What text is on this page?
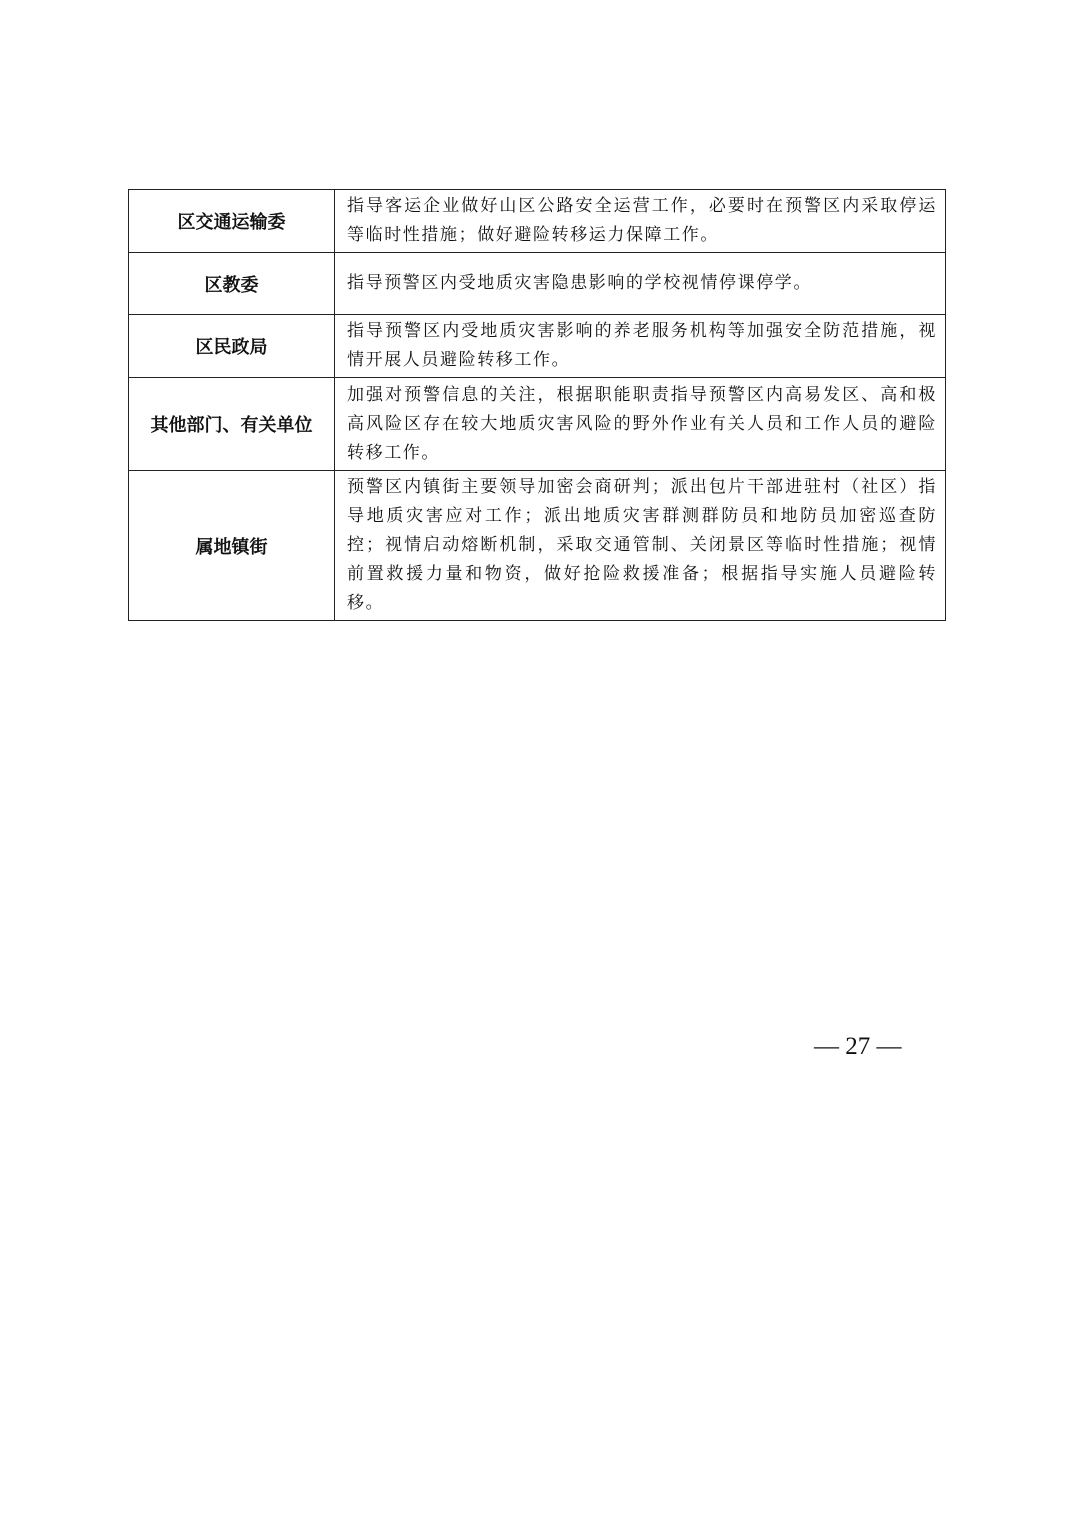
区交通运输委	指导客运企业做好山区公路安全运营工作，必要时在预警区内采取停运等临时性措施；做好避险转移运力保障工作。
区教委	指导预警区内受地质灾害隐患影响的学校视情停课停学。
区民政局	指导预警区内受地质灾害影响的养老服务机构等加强安全防范措施，视情开展人员避险转移工作。
其他部门、有关单位	加强对预警信息的关注，根据职能职责指导预警区内高易发区、高和极高风险区存在较大地质灾害风险的野外作业有关人员和工作人员的避险转移工作。
属地镇街	预警区内镇街主要领导加密会商研判；派出包片干部进驻村（社区）指导地质灾害应对工作；派出地质灾害群测群防员和地防员加密巡查防控；视情启动熔断机制，采取交通管制、关闭景区等临时性措施；视情前置救援力量和物资，做好抢险救援准备；根据指导实施人员避险转移。
— 27 —
